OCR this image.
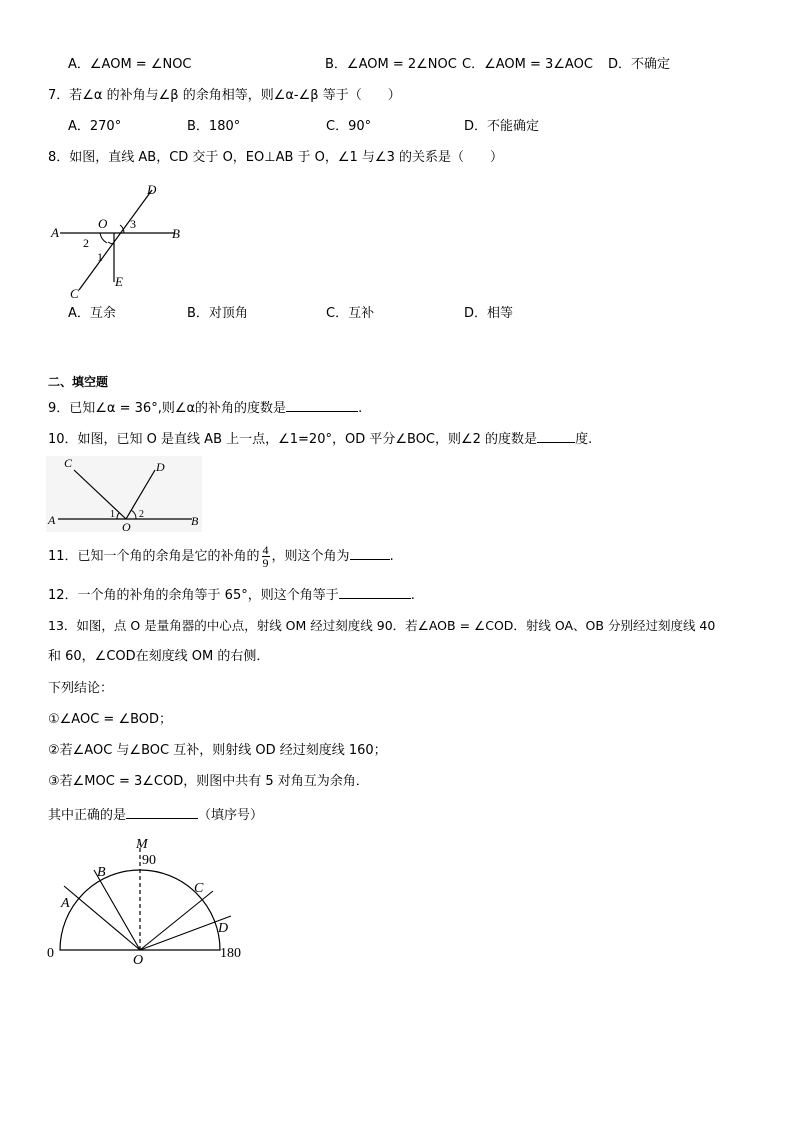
A．∠AOM = ∠NOC	B．∠AOM = 2∠NOC C．∠AOM = 3∠AOC D．不确定
7．若∠α 的补角与∠β 的余角相等，则∠α-∠β 等于（　　）
A．270°	B．180°	C．90°	D．不能确定
8．如图，直线 AB，CD 交于 O，EO⊥AB 于 O，∠1 与∠3 的关系是（　　）
A	B
C
D
E
O
1
2
3
A．互余	B．对顶角	C．互补	D．相等
二、填空题
9．已知∠α = 36°,则∠α的补角的度数是	.
10．如图，已知 O 是直线 AB 上一点，∠1=20°，OD 平分∠BOC，则∠2 的度数是	度.
A	B
C	D
O
1 2
11．已知一个角的余角是它的补角的 $\frac{4}{9}$ ，则这个角为	.
12．一个角的补角的余角等于 65°，则这个角等于	.
13．如图，点 O 是量角器的中心点，射线 OM 经过刻度线 90．若∠AOB = ∠COD．射线 OA、OB 分别经过刻度线 40
和 60，∠COD在刻度线 OM 的右侧．
下列结论：
①∠AOC = ∠BOD；
②若∠AOC 与∠BOC 互补，则射线 OD 经过刻度线 160；
③若∠MOC = 3∠COD，则图中共有 5 对角互为余角．
其中正确的是	（填序号）
M
90
B
A
C
D
0	O	180
